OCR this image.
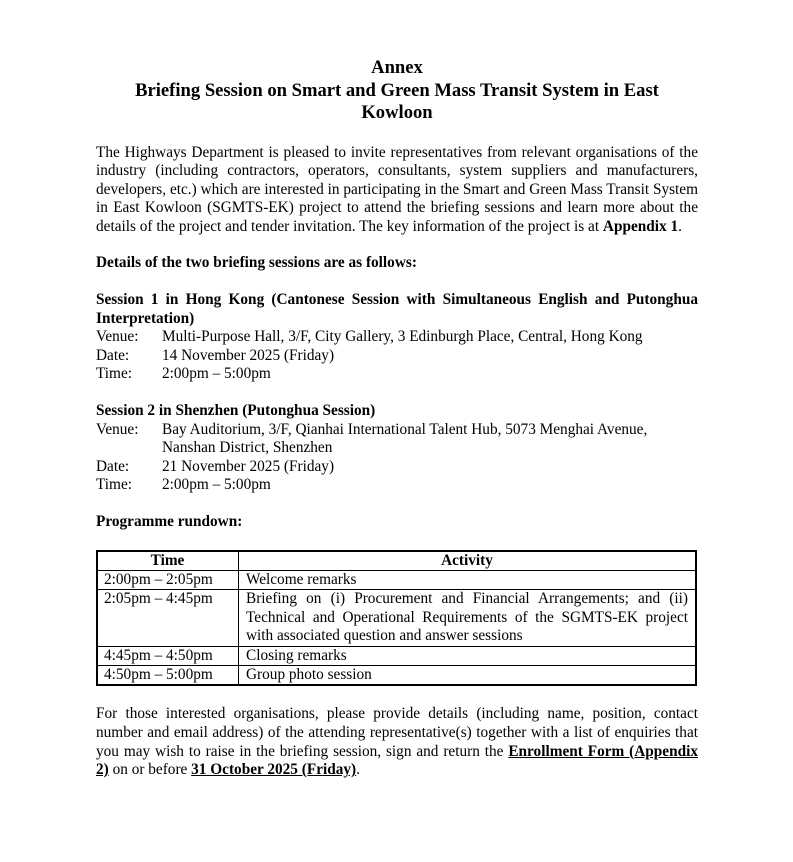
Annex
Briefing Session on Smart and Green Mass Transit System in East
Kowloon

The Highways Department is pleased to invite representatives from relevant organisations of the industry (including contractors, operators, consultants, system suppliers and manufacturers, developers, etc.) which are interested in participating in the Smart and Green Mass Transit System in East Kowloon (SGMTS-EK) project to attend the briefing sessions and learn more about the details of the project and tender invitation. The key information of the project is at Appendix 1.

Details of the two briefing sessions are as follows:
Session 1 in Hong Kong (Cantonese Session with Simultaneous English and Putonghua Interpretation)
Venue:	Multi-Purpose Hall, 3/F, City Gallery, 3 Edinburgh Place, Central, Hong Kong
Date:	14 November 2025 (Friday)
Time:	2:00pm – 5:00pm
Session 2 in Shenzhen (Putonghua Session)
Venue:	Bay Auditorium, 3/F, Qianhai International Talent Hub, 5073 Menghai Avenue,
Nanshan District, Shenzhen
Date:	21 November 2025 (Friday)
Time:	2:00pm – 5:00pm
Programme rundown:
Time	Activity
2:00pm – 2:05pm	Welcome remarks
2:05pm – 4:45pm	Briefing on (i) Procurement and Financial Arrangements; and (ii) Technical and Operational Requirements of the SGMTS-EK project with associated question and answer sessions
4:45pm – 4:50pm	Closing remarks
4:50pm – 5:00pm	Group photo session

For those interested organisations, please provide details (including name, position, contact number and email address) of the attending representative(s) together with a list of enquiries that you may wish to raise in the briefing session, sign and return the Enrollment Form (Appendix 2) on or before 31 October 2025 (Friday).
